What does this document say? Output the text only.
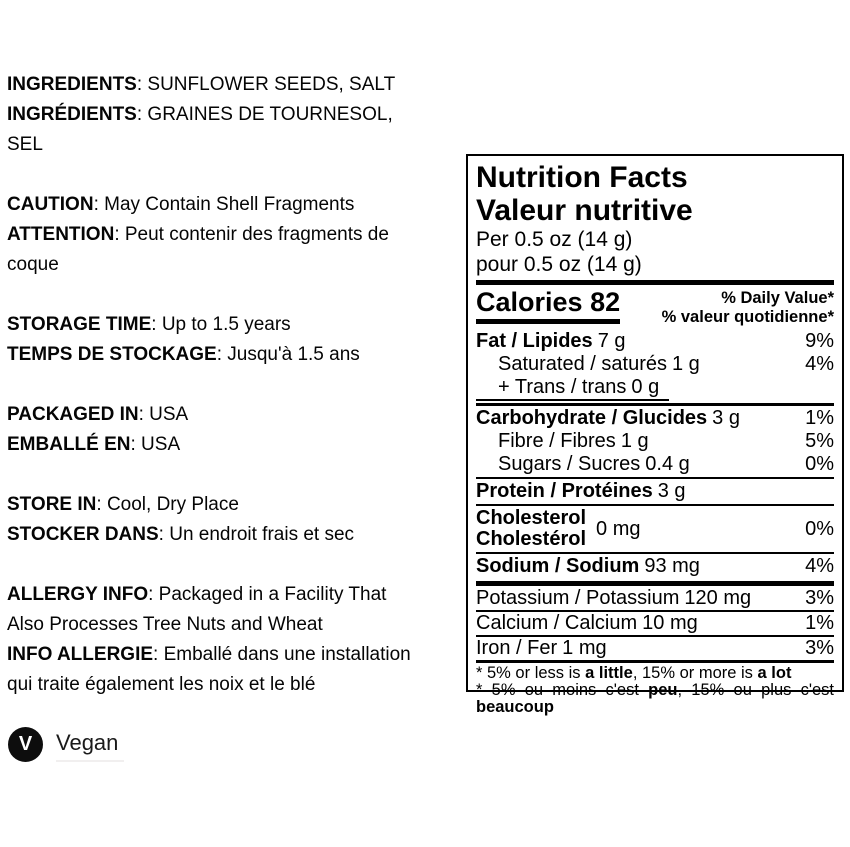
INGREDIENTS: SUNFLOWER SEEDS, SALT
INGRÉDIENTS: GRAINES DE TOURNESOL,
SEL
CAUTION: May Contain Shell Fragments
ATTENTION: Peut contenir des fragments de
coque
STORAGE TIME: Up to 1.5 years
TEMPS DE STOCKAGE: Jusqu'à 1.5 ans
PACKAGED IN: USA
EMBALLÉ EN: USA
STORE IN: Cool, Dry Place
STOCKER DANS: Un endroit frais et sec
ALLERGY INFO: Packaged in a Facility That
Also Processes Tree Nuts and Wheat
INFO ALLERGIE: Emballé dans une installation
qui traite également les noix et le blé
V Vegan
Nutrition Facts
Valeur nutritive
Per 0.5 oz (14 g)
pour 0.5 oz (14 g)
Calories 82	% Daily Value*
% valeur quotidienne*
Fat / Lipides 7 g	9%
Saturated / saturés 1 g	4%
+ Trans / trans 0 g
Carbohydrate / Glucides 3 g	1%
Fibre / Fibres 1 g	5%
Sugars / Sucres 0.4 g	0%
Protein / Protéines 3 g
Cholesterol
Cholestérol 0 mg	0%
Sodium / Sodium 93 mg	4%
Potassium / Potassium 120 mg	3%
Calcium / Calcium 10 mg	1%
Iron / Fer 1 mg	3%
* 5% or less is a little, 15% or more is a lot
* 5% ou moins c'est peu, 15% ou plus c'est beaucoup
